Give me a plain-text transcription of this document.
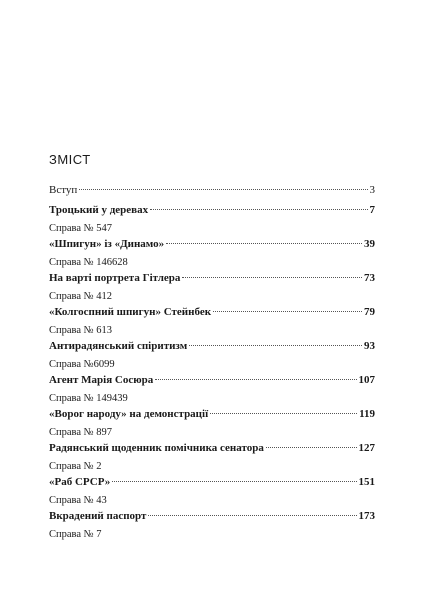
ЗМІСТ
Вступ	3
Троцький у деревах	7
Справа № 547
«Шпигун» із «Динамо»	39
Справа № 146628
На варті портрета Гітлера	73
Справа № 412
«Колгоспний шпигун» Стейнбек	79
Справа № 613
Антирадянський спіритизм	93
Справа №6099
Агент Марія Сосюра	107
Справа № 149439
«Ворог народу» на демонстрації	119
Справа № 897
Радянський щоденник помічника сенатора	127
Справа № 2
«Раб СРСР»	151
Справа № 43
Вкрадений паспорт	173
Справа № 7
